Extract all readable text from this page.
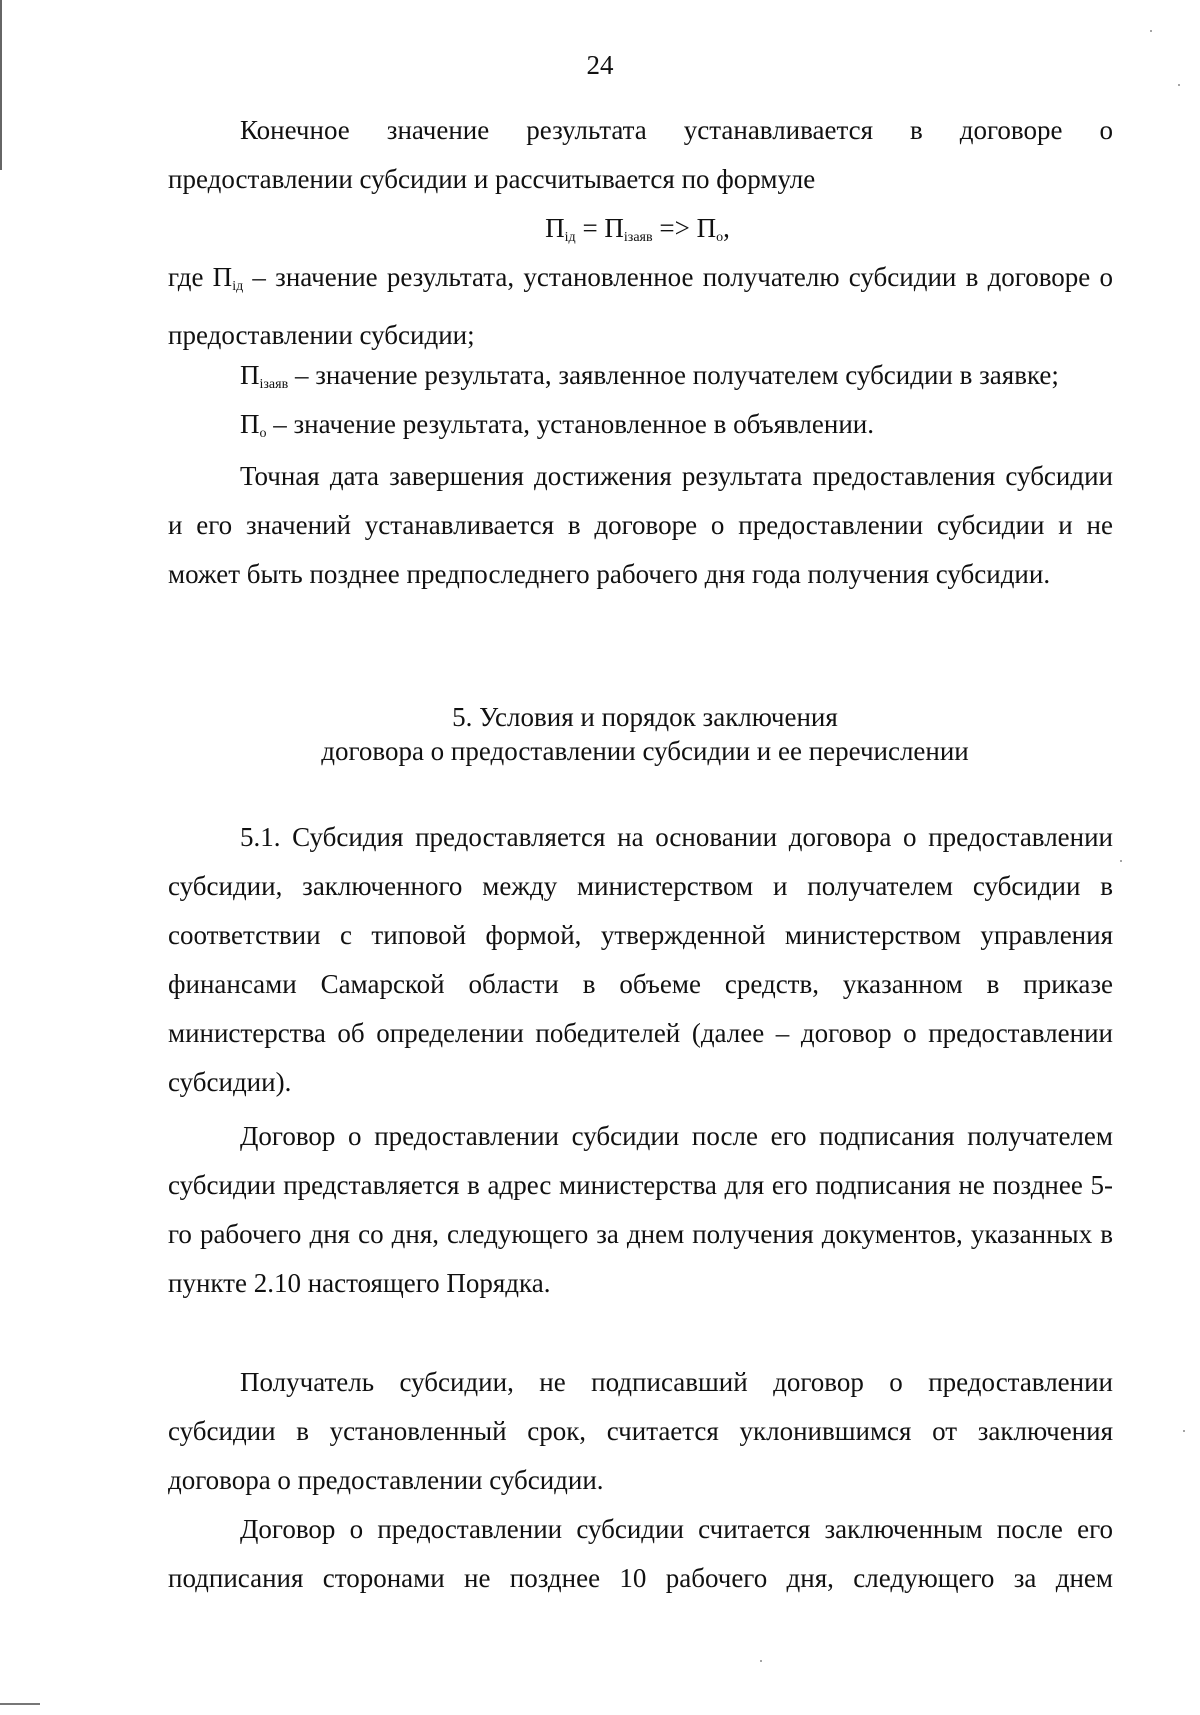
24

Конечное значение результата устанавливается в договоре о предоставлении субсидии и рассчитывается по формуле

$П_{iд} = П_{iзаяв} => П_о$,

где $П_{iд}$ – значение результата, установленное получателю субсидии в договоре о предоставлении субсидии;

$П_{iзаяв}$ – значение результата, заявленное получателем субсидии в заявке;
$П_о$ – значение результата, установленное в объявлении.

Точная дата завершения достижения результата предоставления субсидии и его значений устанавливается в договоре о предоставлении субсидии и не может быть позднее предпоследнего рабочего дня года получения субсидии.

5. Условия и порядок заключения
договора о предоставлении субсидии и ее перечислении

5.1. Субсидия предоставляется на основании договора о предоставлении субсидии, заключенного между министерством и получателем субсидии в соответствии с типовой формой, утвержденной министерством управления финансами Самарской области в объеме средств, указанном в приказе министерства об определении победителей (далее – договор о предоставлении субсидии).

Договор о предоставлении субсидии после его подписания получателем субсидии представляется в адрес министерства для его подписания не позднее 5-го рабочего дня со дня, следующего за днем получения документов, указанных в пункте 2.10 настоящего Порядка.

Получатель субсидии, не подписавший договор о предоставлении субсидии в установленный срок, считается уклонившимся от заключения договора о предоставлении субсидии.

Договор о предоставлении субсидии считается заключенным после его подписания сторонами не позднее 10 рабочего дня, следующего за днем
